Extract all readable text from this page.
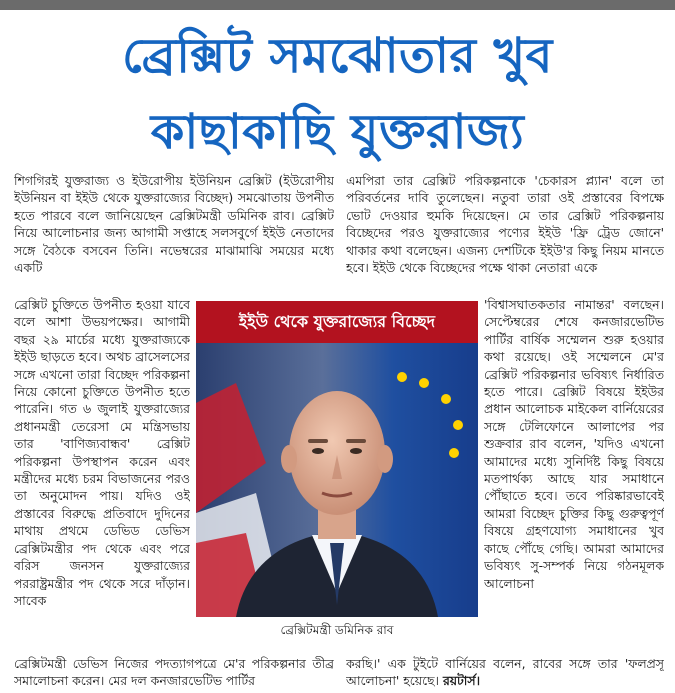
ব্রেক্সিট সমঝোতার খুব
কাছাকাছি যুক্তরাজ্য
শিগগিরই যুক্তরাজ্য ও ইউরোপীয় ইউনিয়ন ব্রেক্সিট (ইউরোপীয় ইউনিয়ন বা ইইউ থেকে যুক্তরাজ্যের বিচ্ছেদ) সমঝোতায় উপনীত হতে পারবে বলে জানিয়েছেন ব্রেক্সিটমন্ত্রী ডমিনিক রাব। ব্রেক্সিট নিয়ে আলোচনার জন্য আগামী সপ্তাহে সলসবুর্গে ইইউ নেতাদের সঙ্গে বৈঠকে বসবেন তিনি। নভেম্বরের মাঝামাঝি সময়ের মধ্যে একটি
ব্রেক্সিট চুক্তিতে উপনীত হওয়া যাবে বলে আশা উভয়পক্ষের। আগামী বছর ২৯ মার্চের মধ্যে যুক্তরাজ্যকে ইইউ ছাড়তে হবে। অথচ ব্রাসেলসের সঙ্গে এখনো তারা বিচ্ছেদ পরিকল্পনা নিয়ে কোনো চুক্তিতে উপনীত হতে পারেনি। গত ৬ জুলাই যুক্তরাজ্যের প্রধানমন্ত্রী তেরেসা মে মন্ত্রিসভায় তার 'বাণিজ্যবান্ধব' ব্রেক্সিট পরিকল্পনা উপস্থাপন করেন এবং মন্ত্রীদের মধ্যে চরম বিভাজনের পরও তা অনুমোদন পায়। যদিও ওই প্রস্তাবের বিরুদ্ধে প্রতিবাদে দুদিনের মাথায় প্রথমে ডেভিড ডেভিস ব্রেক্সিটমন্ত্রীর পদ থেকে এবং পরে বরিস জনসন যুক্তরাজ্যের পররাষ্ট্রমন্ত্রীর পদ থেকে সরে দাঁড়ান। সাবেক
ব্রেক্সিটমন্ত্রী ডেভিস নিজের পদত্যাগপত্রে মে'র পরিকল্পনার তীব্র সমালোচনা করেন। মের দল কনজারভেটিভ পার্টির
এমপিরা তার ব্রেক্সিট পরিকল্পনাকে 'চেকারস প্ল্যান' বলে তা পরিবর্তনের দাবি তুলেছেন। নতুবা তারা ওই প্রস্তাবের বিপক্ষে ভোট দেওয়ার হুমকি দিয়েছেন। মে তার ব্রেক্সিট পরিকল্পনায় বিচ্ছেদের পরও যুক্তরাজ্যের পণ্যের ইইউ 'ফ্রি ট্রেড জোনে' থাকার কথা বলেছেন। এজন্য দেশটিকে ইইউ'র কিছু নিয়ম মানতে হবে। ইইউ থেকে বিচ্ছেদের পক্ষে থাকা নেতারা একে
'বিশ্বাসঘাতকতার নামান্তর' বলছেন। সেপ্টেম্বরের শেষে কনজারভেটিভ পার্টির বার্ষিক সম্মেলন শুরু হওয়ার কথা রয়েছে। ওই সম্মেলনে মে'র ব্রেক্সিট পরিকল্পনার ভবিষ্যৎ নির্ধারিত হতে পারে। ব্রেক্সিট বিষয়ে ইইউর প্রধান আলোচক মাইকেল বার্নিয়েরের সঙ্গে টেলিফোনে আলাপের পর শুক্রবার রাব বলেন, 'যদিও এখনো আমাদের মধ্যে সুনির্দিষ্ট কিছু বিষয়ে মতপার্থক্য আছে যার সমাধানে পৌঁছাতে হবে। তবে পরিষ্কারভাবেই আমরা বিচ্ছেদ চুক্তির কিছু গুরুত্বপূর্ণ বিষয়ে গ্রহণযোগ্য সমাধানের খুব কাছে পৌঁছে গেছি। আমরা আমাদের ভবিষ্যৎ সু-সম্পর্ক নিয়ে গঠনমূলক আলোচনা
করছি।' এক টুইটে বার্নিয়ের বলেন, রাবের সঙ্গে তার 'ফলপ্রসূ আলোচনা' হয়েছে। রয়টার্স।
ইইউ থেকে যুক্তরাজ্যের বিচ্ছেদ
ব্রেক্সিটমন্ত্রী ডমিনিক রাব
